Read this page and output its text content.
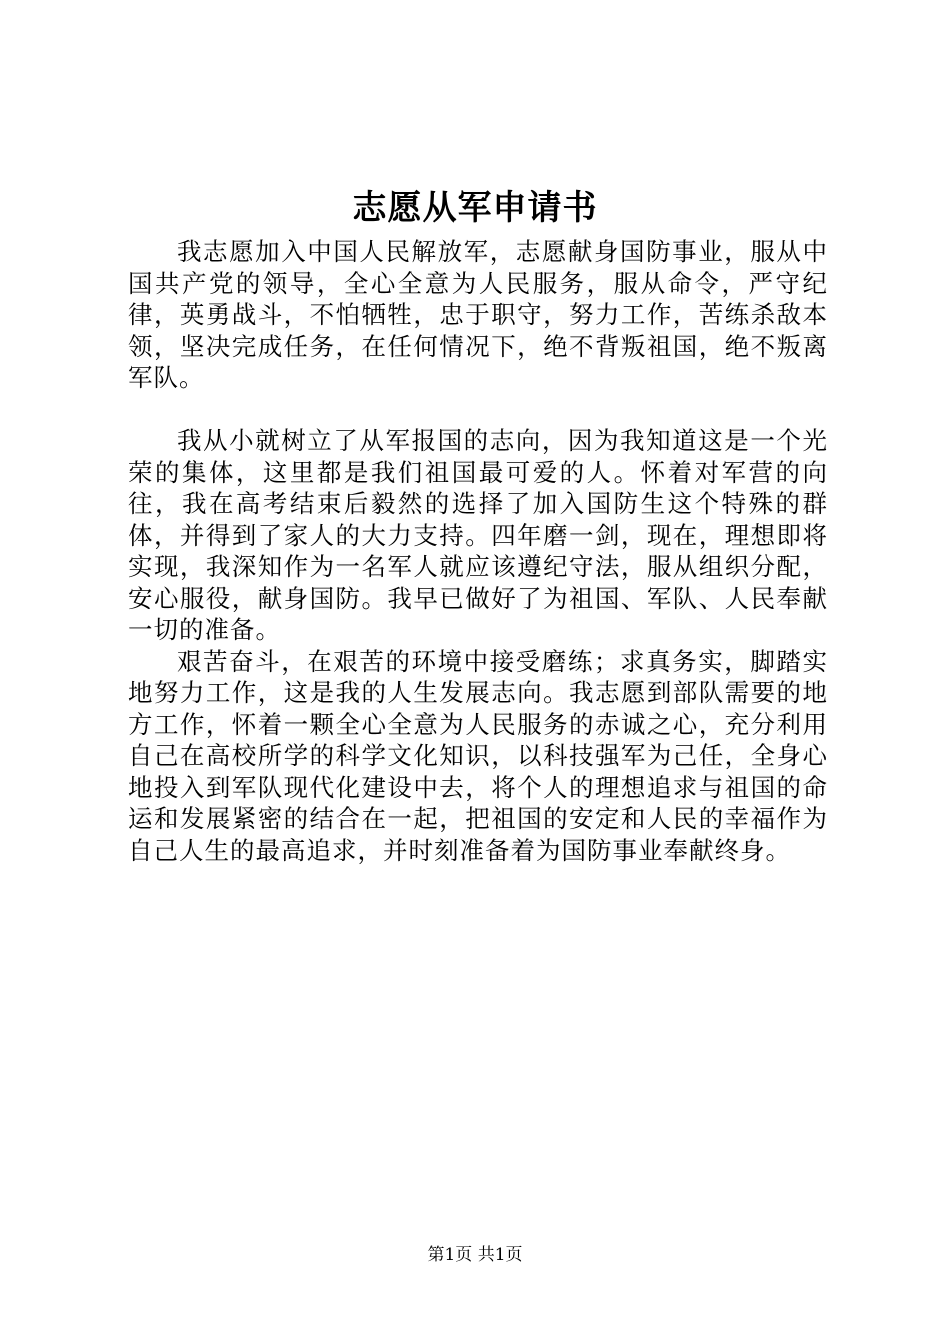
志愿从军申请书

我志愿加入中国人民解放军，志愿献身国防事业，服从中国共产党的领导，全心全意为人民服务，服从命令，严守纪律，英勇战斗，不怕牺牲，忠于职守，努力工作，苦练杀敌本领，坚决完成任务，在任何情况下，绝不背叛祖国，绝不叛离军队。

我从小就树立了从军报国的志向，因为我知道这是一个光荣的集体，这里都是我们祖国最可爱的人。怀着对军营的向往，我在高考结束后毅然的选择了加入国防生这个特殊的群体，并得到了家人的大力支持。四年磨一剑，现在，理想即将实现，我深知作为一名军人就应该遵纪守法，服从组织分配，安心服役，献身国防。我早已做好了为祖国、军队、人民奉献一切的准备。

艰苦奋斗，在艰苦的环境中接受磨练；求真务实，脚踏实地努力工作，这是我的人生发展志向。我志愿到部队需要的地方工作，怀着一颗全心全意为人民服务的赤诚之心，充分利用自己在高校所学的科学文化知识，以科技强军为己任，全身心地投入到军队现代化建设中去，将个人的理想追求与祖国的命运和发展紧密的结合在一起，把祖国的安定和人民的幸福作为自己人生的最高追求，并时刻准备着为国防事业奉献终身。

第1页 共1页
